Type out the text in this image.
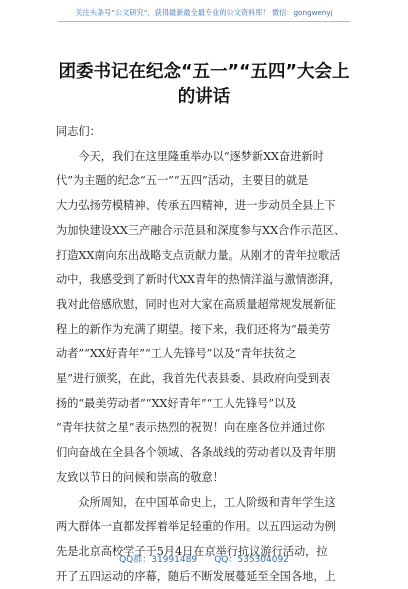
关注头条号“公文研究”，获得最新最全最专业的公文资料库！ 微信：gongwenyj
团委书记在纪念“五一”“五四”大会上
的讲话
同志们：
　　今天，我们在这里隆重举办以“逐梦新XX奋进新时
代”为主题的纪念“五一”“五四”活动，主要目的就是
大力弘扬劳模精神、传承五四精神，进一步动员全县上下
为加快建设XX三产融合示范县和深度参与XX合作示范区、
打造XX南向东出战略支点贡献力量。从刚才的青年拉歌活
动中，我感受到了新时代XX青年的热情洋溢与激情澎湃，
我对此倍感欣慰，同时也对大家在高质量超常规发展新征
程上的新作为充满了期望。接下来，我们还将为“最美劳
动者”“XX好青年”“工人先锋号”以及“青年扶贫之
星”进行颁奖，在此，我首先代表县委、县政府向受到表
扬的“最美劳动者”“XX好青年”“工人先锋号”以及
“青年扶贫之星”表示热烈的祝贺！向在座各位并通过你
们向奋战在全县各个领域、各条战线的劳动者以及青年朋
友致以节日的问候和崇高的敬意！
　　众所周知，在中国革命史上，工人阶级和青年学生这
两大群体一直都发挥着举足轻重的作用。以五四运动为例
先是北京高校学子于5月4日在京举行抗议游行活动，拉
开了五四运动的序幕，随后不断发展蔓延至全国各地，上
QQ群：31991489      QQ：535304092
